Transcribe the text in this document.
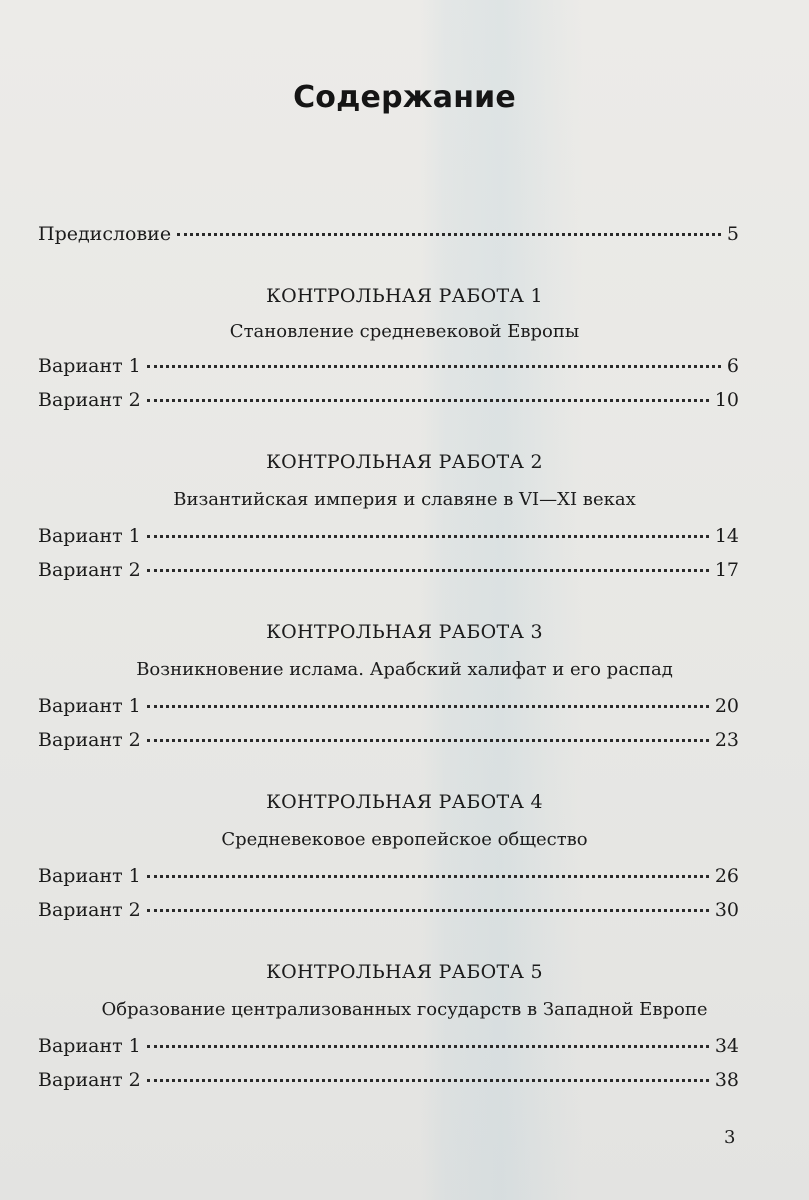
Содержание
Предисловие	5
КОНТРОЛЬНАЯ РАБОТА 1
Становление средневековой Европы
Вариант 1	6
Вариант 2	10
КОНТРОЛЬНАЯ РАБОТА 2
Византийская империя и славяне в VI—XI веках
Вариант 1	14
Вариант 2	17
КОНТРОЛЬНАЯ РАБОТА 3
Возникновение ислама. Арабский халифат и его распад
Вариант 1	20
Вариант 2	23
КОНТРОЛЬНАЯ РАБОТА 4
Средневековое европейское общество
Вариант 1	26
Вариант 2	30
КОНТРОЛЬНАЯ РАБОТА 5
Образование централизованных государств в Западной Европе
Вариант 1	34
Вариант 2	38
3
